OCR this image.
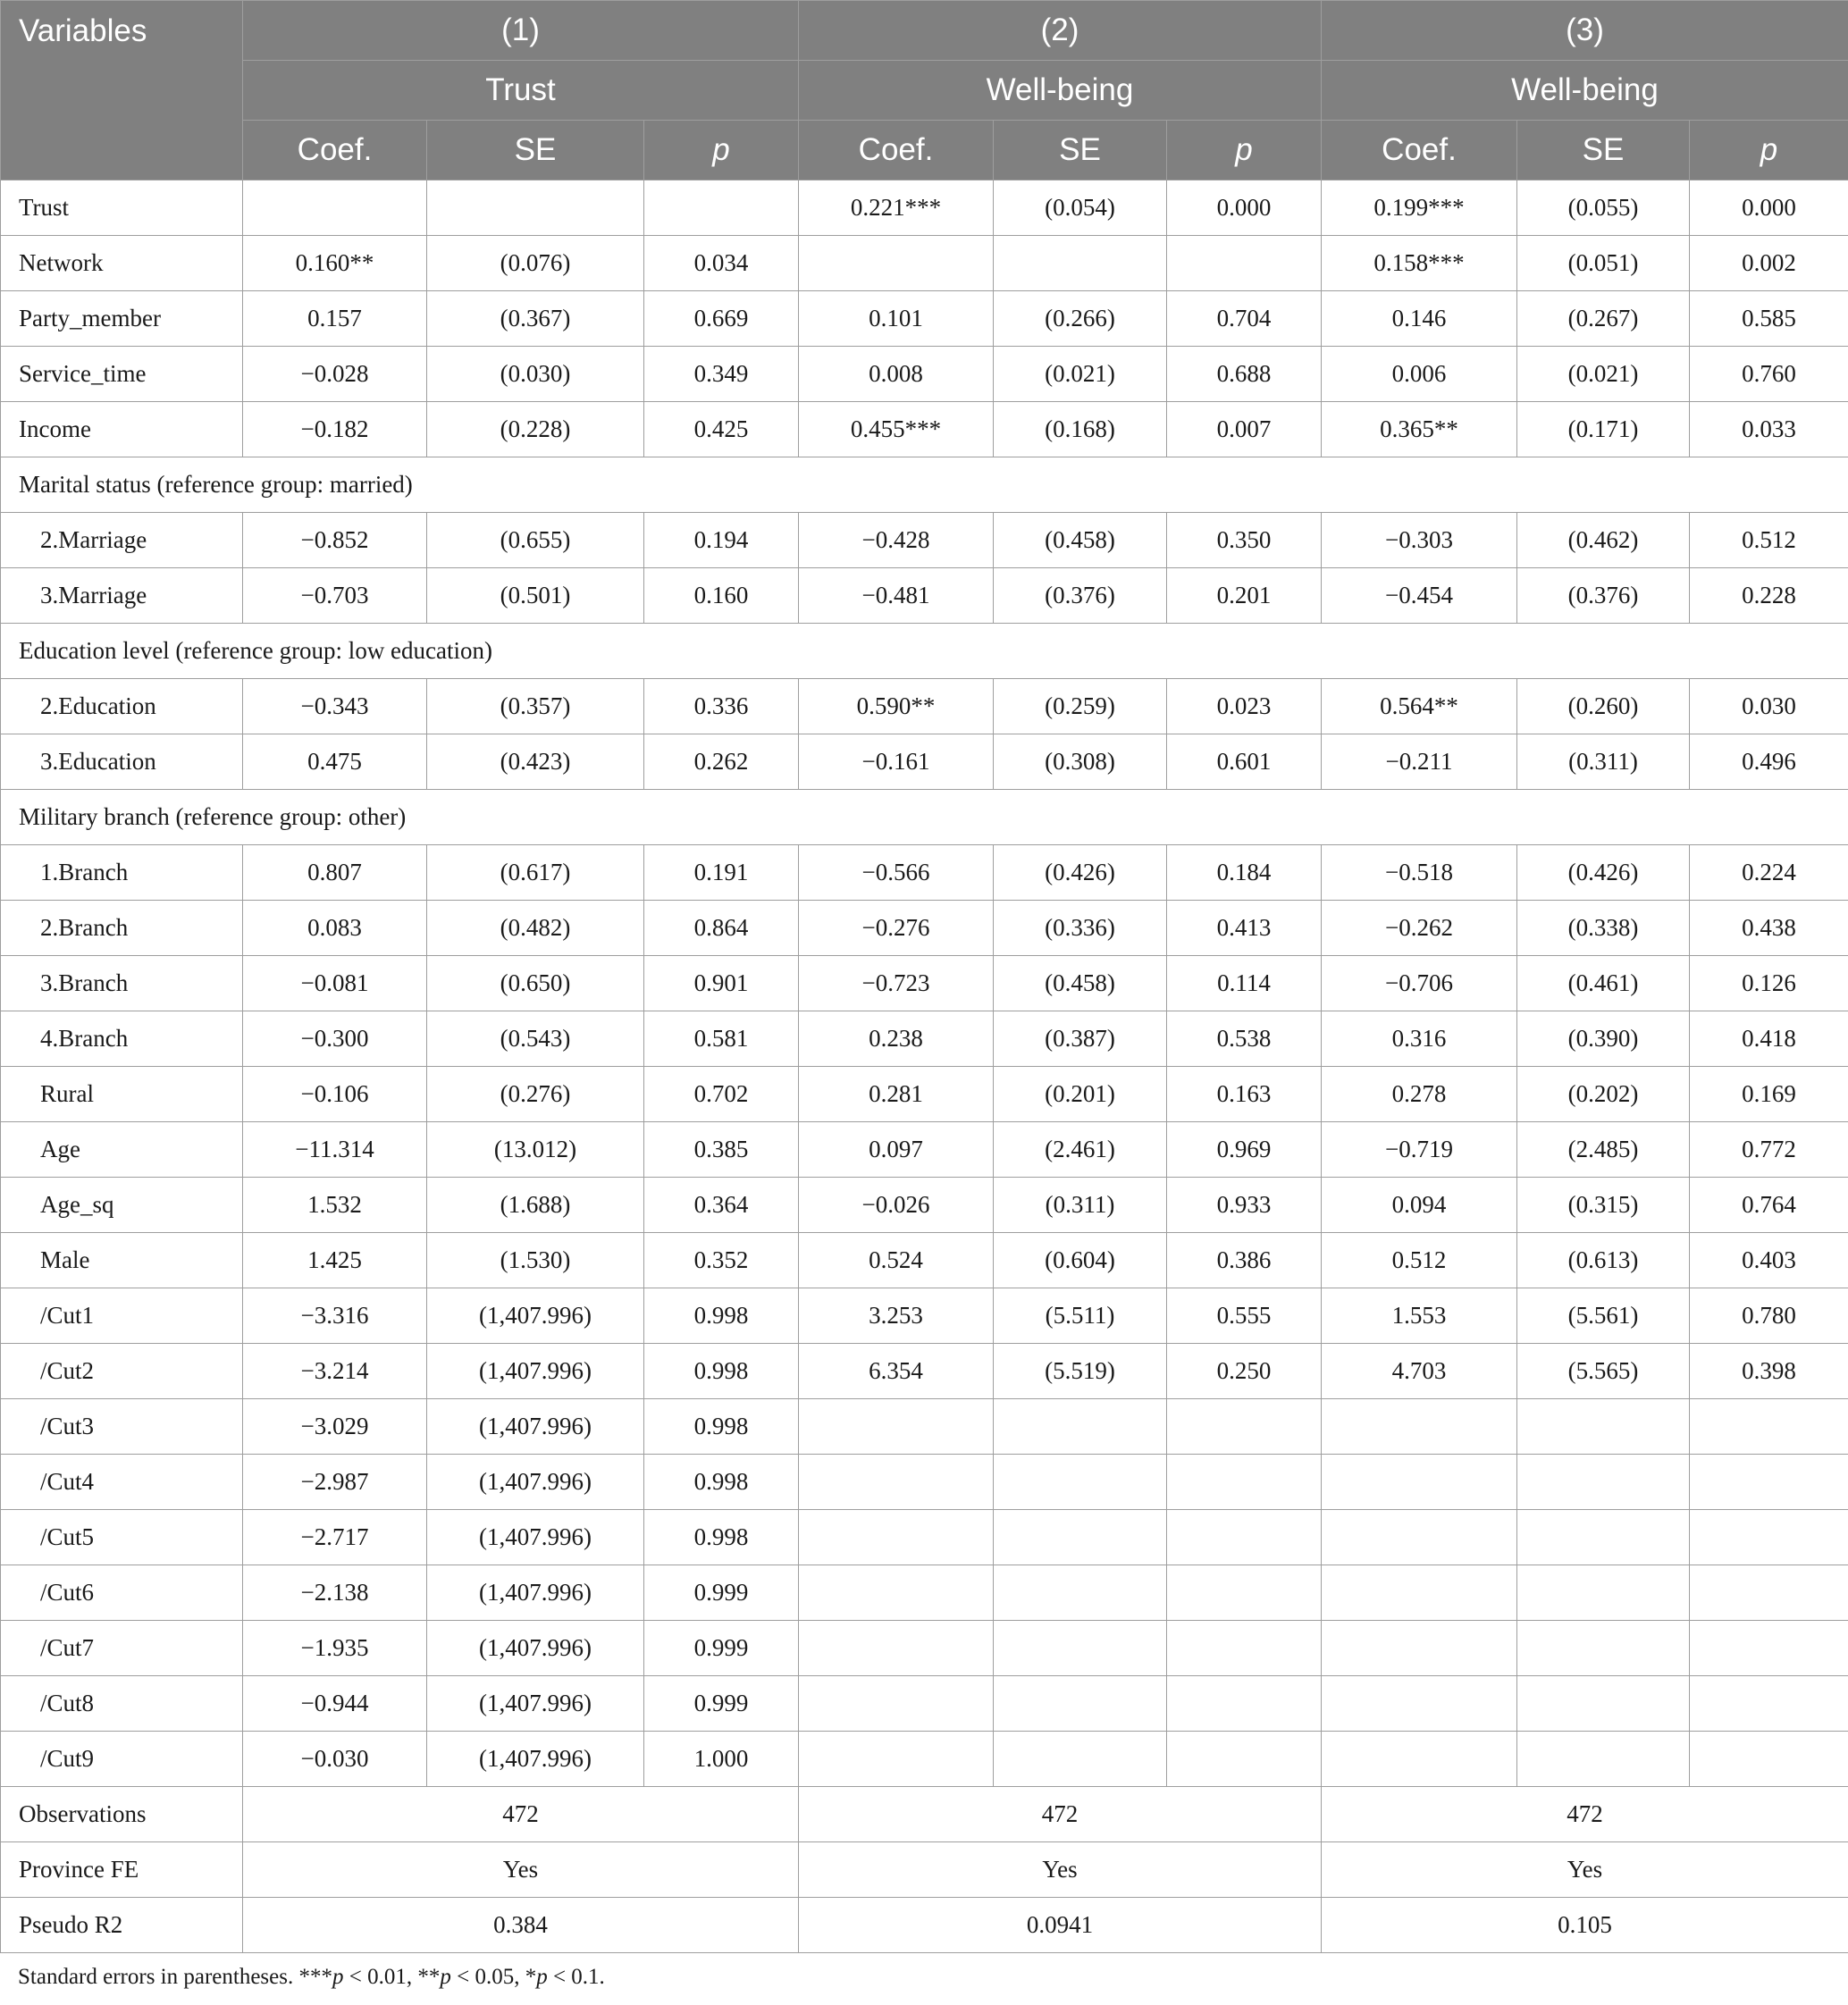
Variables	(1)			(2)			(3)		
	Trust			Well-being			Well-being		
	Coef.	SE	p	Coef.	SE	p	Coef.	SE	p
Trust				0.221***	(0.054)	0.000	0.199***	(0.055)	0.000
Network	0.160**	(0.076)	0.034				0.158***	(0.051)	0.002
Party_member	0.157	(0.367)	0.669	0.101	(0.266)	0.704	0.146	(0.267)	0.585
Service_time	−0.028	(0.030)	0.349	0.008	(0.021)	0.688	0.006	(0.021)	0.760
Income	−0.182	(0.228)	0.425	0.455***	(0.168)	0.007	0.365**	(0.171)	0.033
Marital status (reference group: married)									
2.Marriage	−0.852	(0.655)	0.194	−0.428	(0.458)	0.350	−0.303	(0.462)	0.512
3.Marriage	−0.703	(0.501)	0.160	−0.481	(0.376)	0.201	−0.454	(0.376)	0.228
Education level (reference group: low education)									
2.Education	−0.343	(0.357)	0.336	0.590**	(0.259)	0.023	0.564**	(0.260)	0.030
3.Education	0.475	(0.423)	0.262	−0.161	(0.308)	0.601	−0.211	(0.311)	0.496
Military branch (reference group: other)									
1.Branch	0.807	(0.617)	0.191	−0.566	(0.426)	0.184	−0.518	(0.426)	0.224
2.Branch	0.083	(0.482)	0.864	−0.276	(0.336)	0.413	−0.262	(0.338)	0.438
3.Branch	−0.081	(0.650)	0.901	−0.723	(0.458)	0.114	−0.706	(0.461)	0.126
4.Branch	−0.300	(0.543)	0.581	0.238	(0.387)	0.538	0.316	(0.390)	0.418
Rural	−0.106	(0.276)	0.702	0.281	(0.201)	0.163	0.278	(0.202)	0.169
Age	−11.314	(13.012)	0.385	0.097	(2.461)	0.969	−0.719	(2.485)	0.772
Age_sq	1.532	(1.688)	0.364	−0.026	(0.311)	0.933	0.094	(0.315)	0.764
Male	1.425	(1.530)	0.352	0.524	(0.604)	0.386	0.512	(0.613)	0.403
/Cut1	−3.316	(1,407.996)	0.998	3.253	(5.511)	0.555	1.553	(5.561)	0.780
/Cut2	−3.214	(1,407.996)	0.998	6.354	(5.519)	0.250	4.703	(5.565)	0.398
/Cut3	−3.029	(1,407.996)	0.998						
/Cut4	−2.987	(1,407.996)	0.998						
/Cut5	−2.717	(1,407.996)	0.998						
/Cut6	−2.138	(1,407.996)	0.999						
/Cut7	−1.935	(1,407.996)	0.999						
/Cut8	−0.944	(1,407.996)	0.999						
/Cut9	−0.030	(1,407.996)	1.000						
Observations	472			472			472		
Province FE	Yes			Yes			Yes		
Pseudo R2	0.384			0.0941			0.105		
Standard errors in parentheses. ***p < 0.01, **p < 0.05, *p < 0.1.
